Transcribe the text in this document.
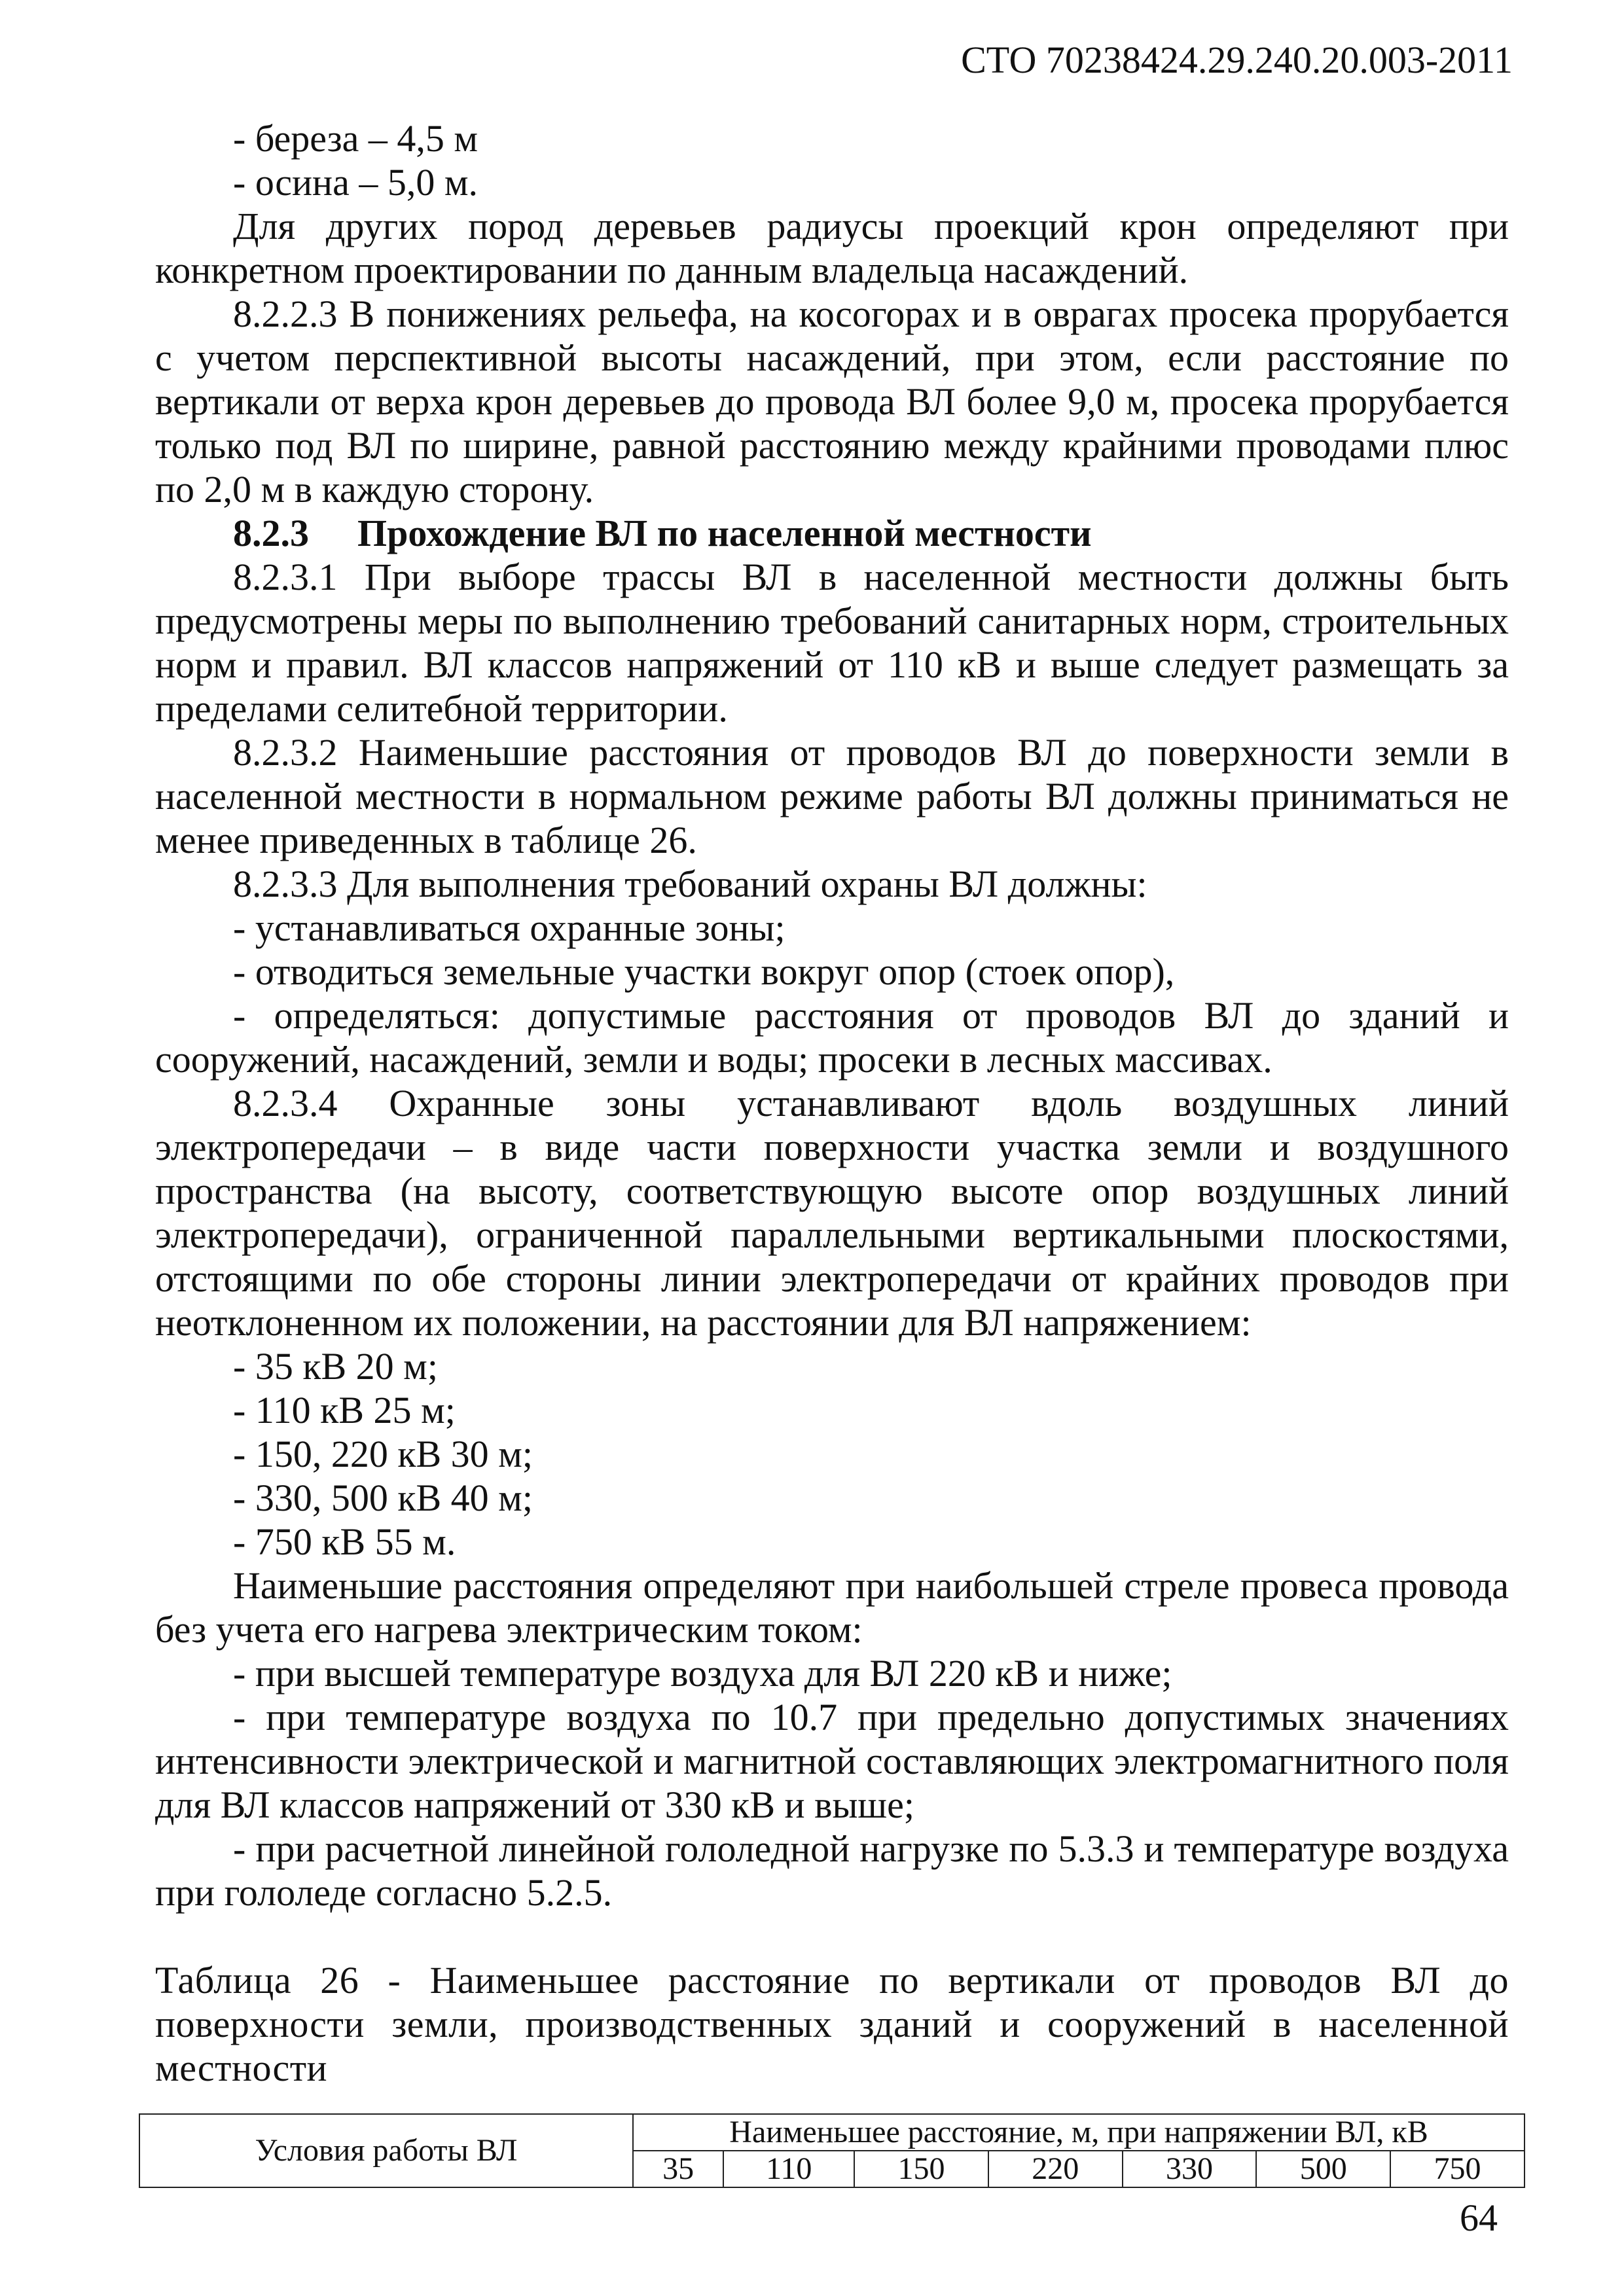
СТО 70238424.29.240.20.003-2011

- береза – 4,5 м

- осина – 5,0 м.

Для других пород деревьев радиусы проекций крон определяют при конкретном проектировании по данным владельца насаждений.

8.2.2.3 В понижениях рельефа, на косогорах и в оврагах просека прорубается с учетом перспективной высоты насаждений, при этом, если расстояние по вертикали от верха крон деревьев до провода ВЛ более 9,0 м, просека прорубается только под ВЛ по ширине, равной расстоянию между крайними проводами плюс по 2,0 м в каждую сторону.

8.2.3 Прохождение ВЛ по населенной местности

8.2.3.1 При выборе трассы ВЛ в населенной местности должны быть предусмотрены меры по выполнению требований санитарных норм, строительных норм и правил. ВЛ классов напряжений от 110 кВ и выше следует размещать за пределами селитебной территории.

8.2.3.2 Наименьшие расстояния от проводов ВЛ до поверхности земли в населенной местности в нормальном режиме работы ВЛ должны приниматься не менее приведенных в таблице 26.

8.2.3.3 Для выполнения требований охраны ВЛ должны:

- устанавливаться охранные зоны;

- отводиться земельные участки вокруг опор (стоек опор),

- определяться: допустимые расстояния от проводов ВЛ до зданий и сооружений, насаждений, земли и воды; просеки в лесных массивах.

8.2.3.4 Охранные зоны устанавливают вдоль воздушных линий электропередачи – в виде части поверхности участка земли и воздушного пространства (на высоту, соответствующую высоте опор воздушных линий электропередачи), ограниченной параллельными вертикальными плоскостями, отстоящими по обе стороны линии электропередачи от крайних проводов при неотклоненном их положении, на расстоянии для ВЛ напряжением:

- 35 кВ 20 м;

- 110 кВ 25 м;

- 150, 220 кВ 30 м;

- 330, 500 кВ 40 м;

- 750 кВ 55 м.

Наименьшие расстояния определяют при наибольшей стреле провеса провода без учета его нагрева электрическим током:

- при высшей температуре воздуха для ВЛ 220 кВ и ниже;

- при температуре воздуха по 10.7 при предельно допустимых значениях интенсивности электрической и магнитной составляющих электромагнитного поля для ВЛ классов напряжений от 330 кВ и выше;

- при расчетной линейной гололедной нагрузке по 5.3.3 и температуре воздуха при гололеде согласно 5.2.5.

Таблица 26 - Наименьшее расстояние по вертикали от проводов ВЛ до поверхности земли, производственных зданий и сооружений в населенной местности

Условия работы ВЛ	Наименьшее расстояние, м, при напряжении ВЛ, кВ						
	35	110	150	220	330	500	750
64
